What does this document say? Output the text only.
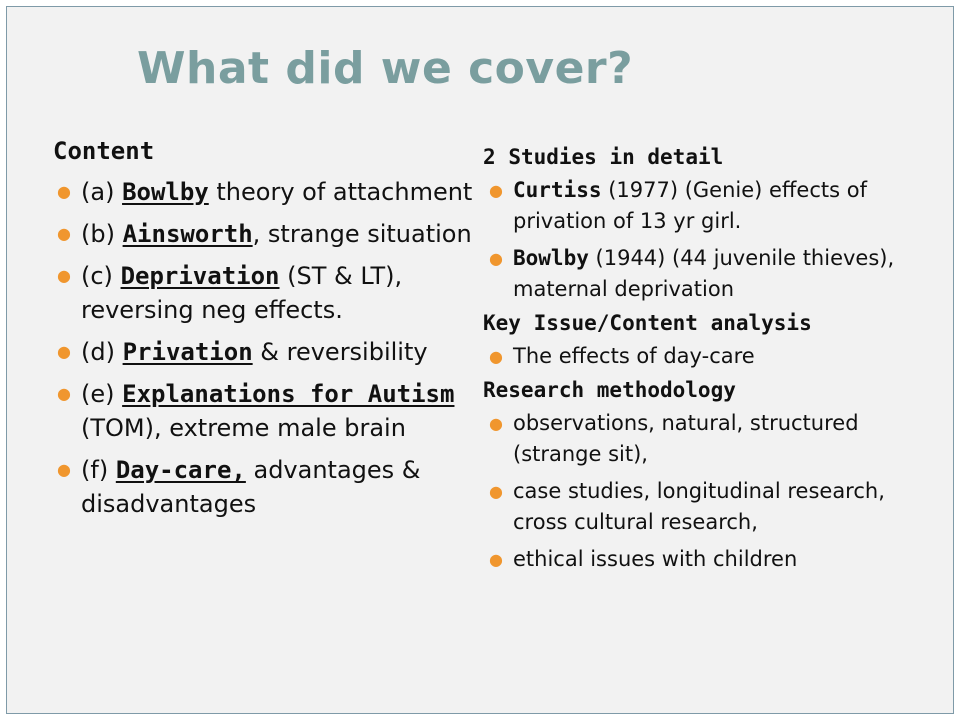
What did we cover?

Content

● (a) Bowlby theory of attachment
● (b) Ainsworth, strange situation
● (c) Deprivation (ST & LT), reversing neg effects.
● (d) Privation & reversibility
● (e) Explanations for Autism (TOM), extreme male brain
● (f) Day-care, advantages & disadvantages

2 Studies in detail

● Curtiss (1977) (Genie) effects of privation of 13 yr girl.
● Bowlby (1944) (44 juvenile thieves), maternal deprivation

Key Issue/Content analysis

● The effects of day-care

Research methodology

● observations, natural, structured (strange sit),
● case studies, longitudinal research, cross cultural research,
● ethical issues with children
